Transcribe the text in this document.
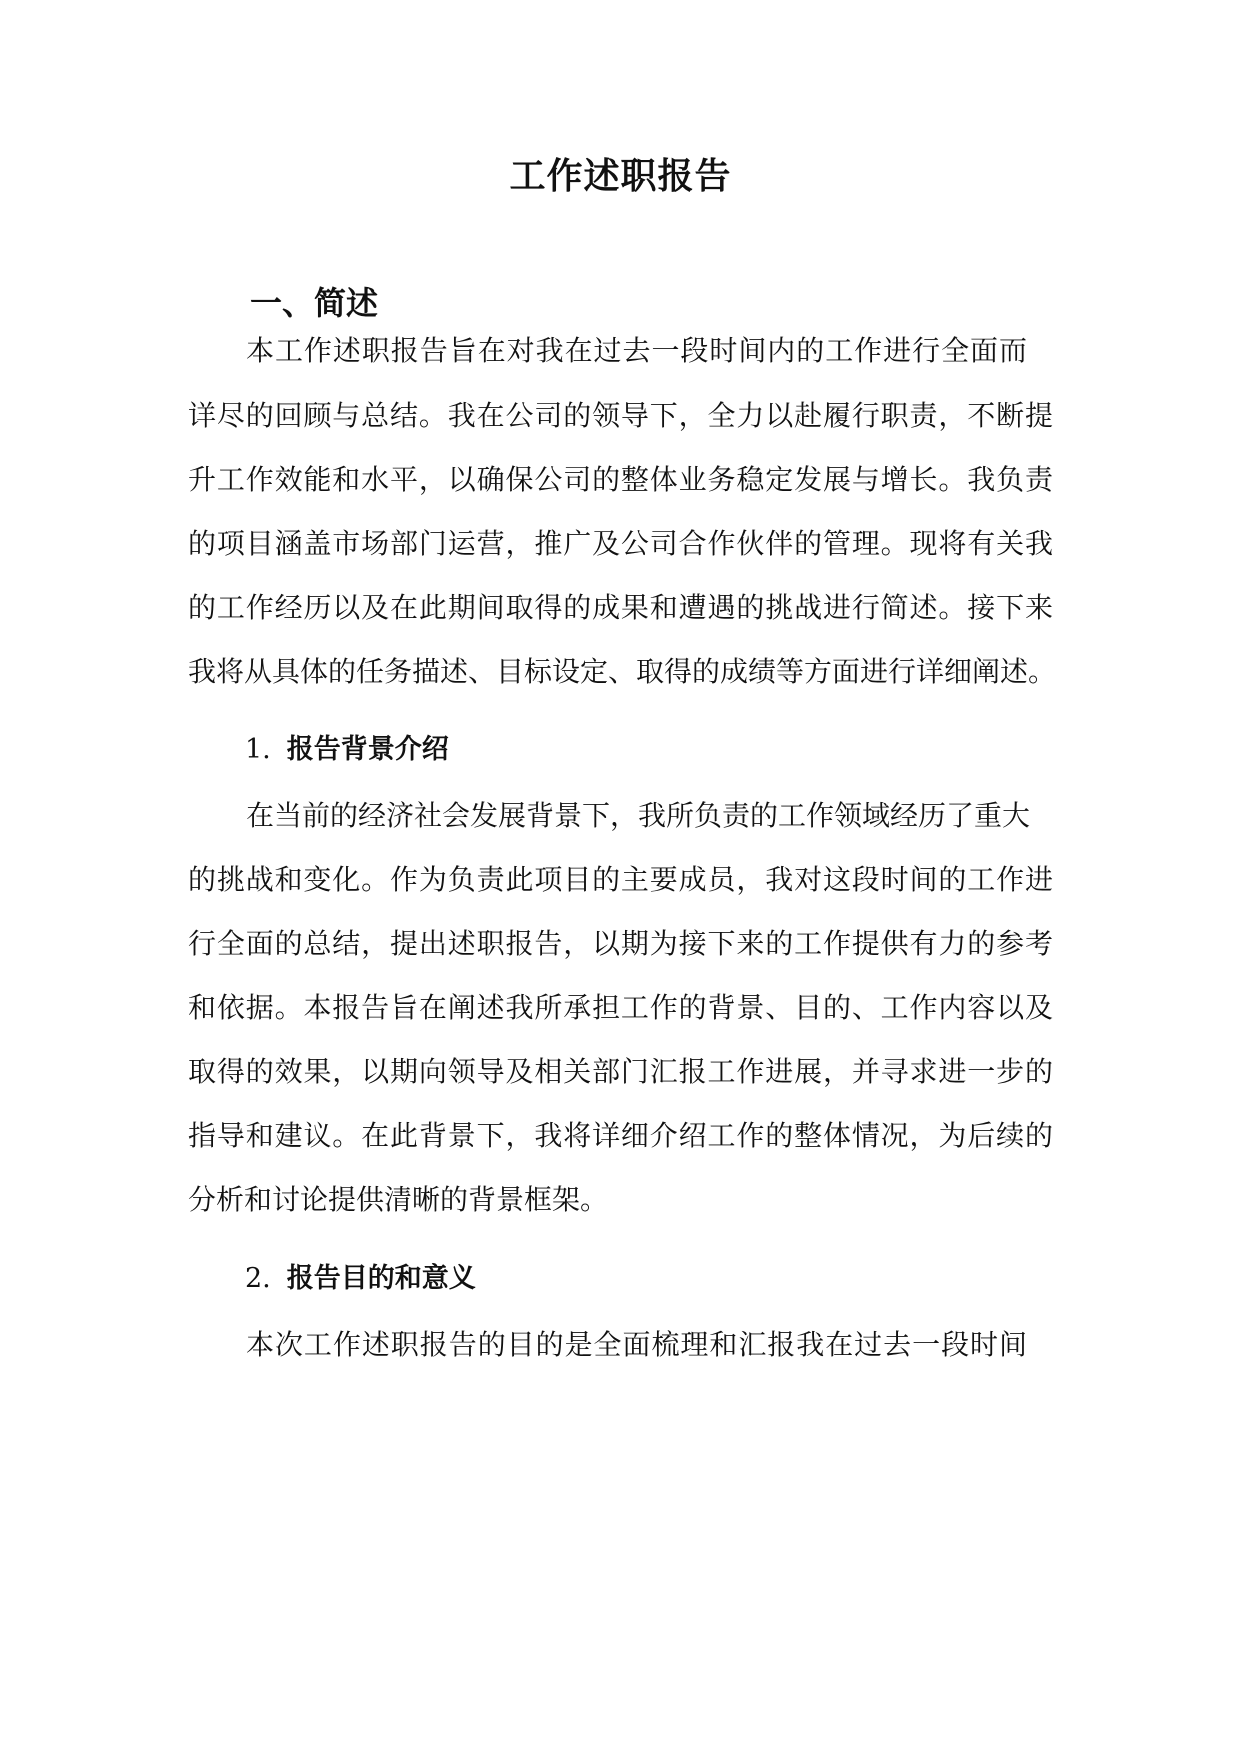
工作述职报告
一、简述
本工作述职报告旨在对我在过去一段时间内的工作进行全面而
详尽的回顾与总结。我在公司的领导下，全力以赴履行职责，不断提
升工作效能和水平，以确保公司的整体业务稳定发展与增长。我负责
的项目涵盖市场部门运营，推广及公司合作伙伴的管理。现将有关我
的工作经历以及在此期间取得的成果和遭遇的挑战进行简述。接下来
我将从具体的任务描述、目标设定、取得的成绩等方面进行详细阐述。
1. 报告背景介绍
在当前的经济社会发展背景下，我所负责的工作领域经历了重大
的挑战和变化。作为负责此项目的主要成员，我对这段时间的工作进
行全面的总结，提出述职报告，以期为接下来的工作提供有力的参考
和依据。本报告旨在阐述我所承担工作的背景、目的、工作内容以及
取得的效果，以期向领导及相关部门汇报工作进展，并寻求进一步的
指导和建议。在此背景下，我将详细介绍工作的整体情况，为后续的
分析和讨论提供清晰的背景框架。
2. 报告目的和意义
本次工作述职报告的目的是全面梳理和汇报我在过去一段时间
